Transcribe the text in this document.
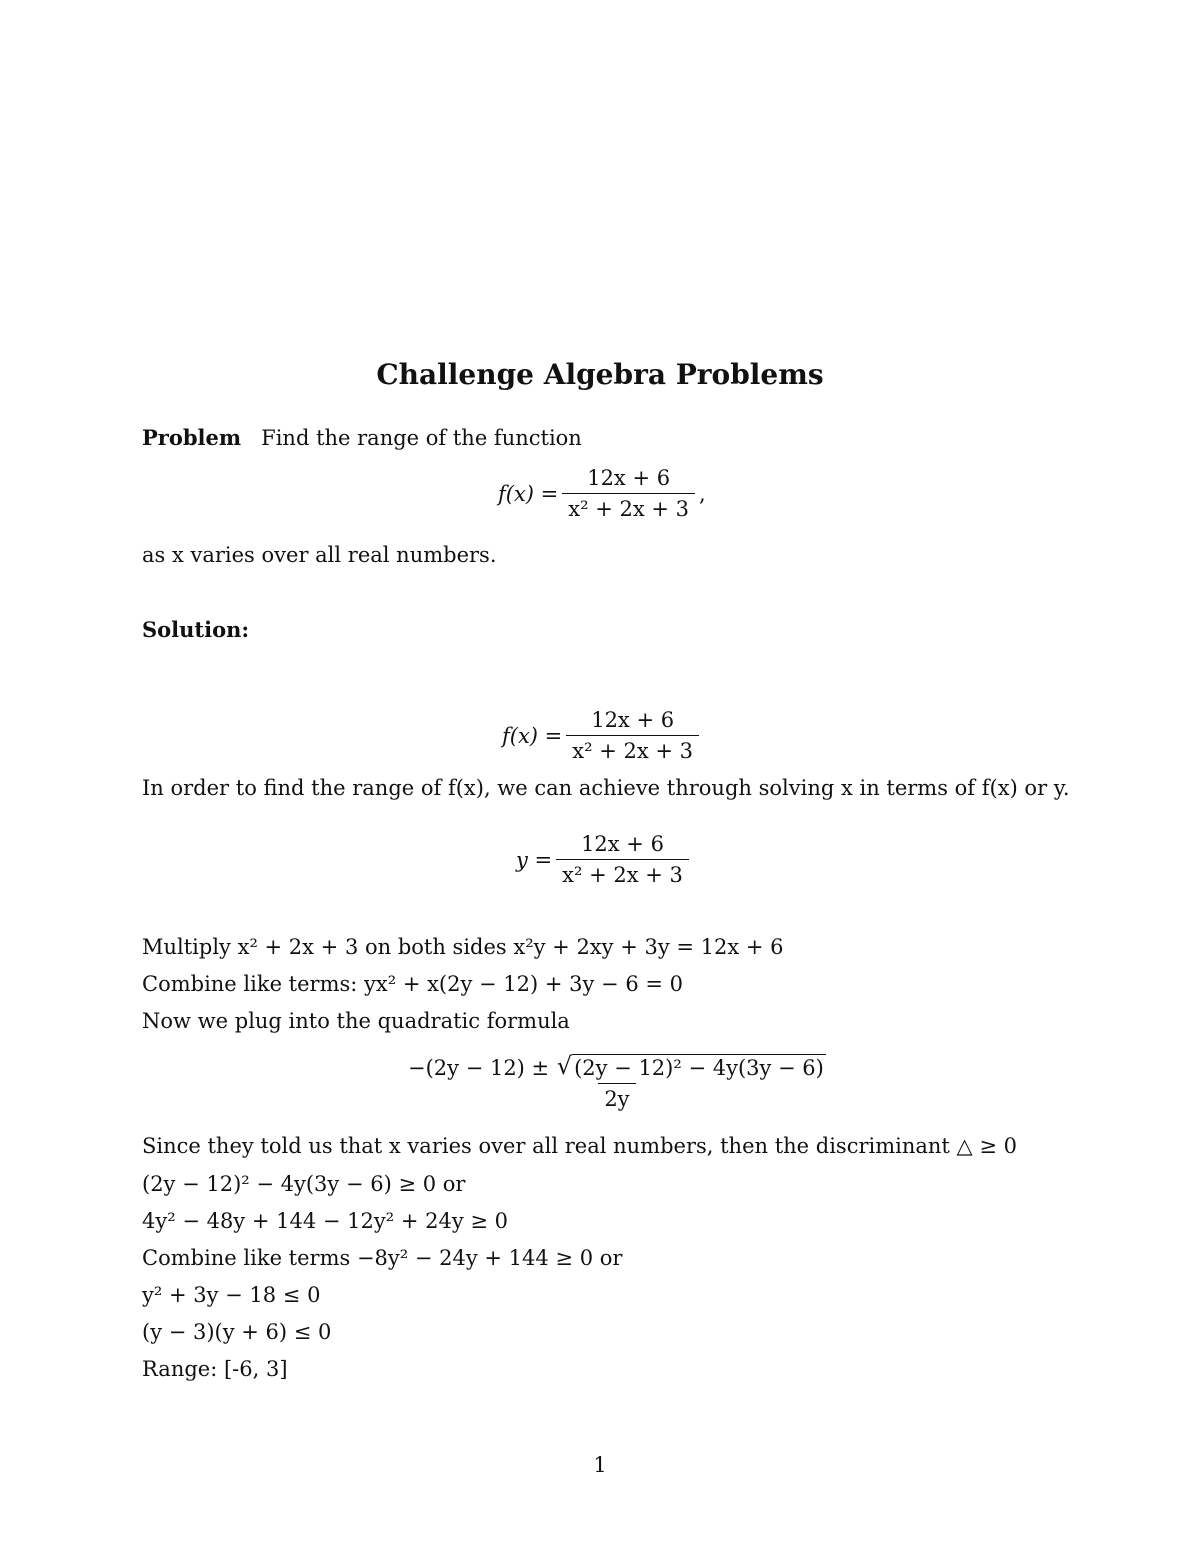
Challenge Algebra Problems
Problem Find the range of the function
$f(x) = \frac{12x + 6}{\text{x² + 2x + 3}}$ ,
as x varies over all real numbers.
Solution:
$f(x) = \frac{12x + 6}{\text{x² + 2x + 3}}$
In order to find the range of f(x), we can achieve through solving x in terms of f(x) or y.
$y = \frac{12x + 6}{\text{x² + 2x + 3}}$
Multiply x² + 2x + 3 on both sides x²y + 2xy + 3y = 12x + 6
Combine like terms: yx² + x(2y − 12) + 3y − 6 = 0
Now we plug into the quadratic formula
$\frac{\text{−(2y − 12) ± √ (2y − 12)² − 4y(3y − 6)}}{2y}$
Since they told us that x varies over all real numbers, then the discriminant △ ≥ 0
(2y − 12)² − 4y(3y − 6) ≥ 0 or
4y² − 48y + 144 − 12y² + 24y ≥ 0
Combine like terms −8y² − 24y + 144 ≥ 0 or
y² + 3y − 18 ≤ 0
(y − 3)(y + 6) ≤ 0
Range: [-6, 3]
1
